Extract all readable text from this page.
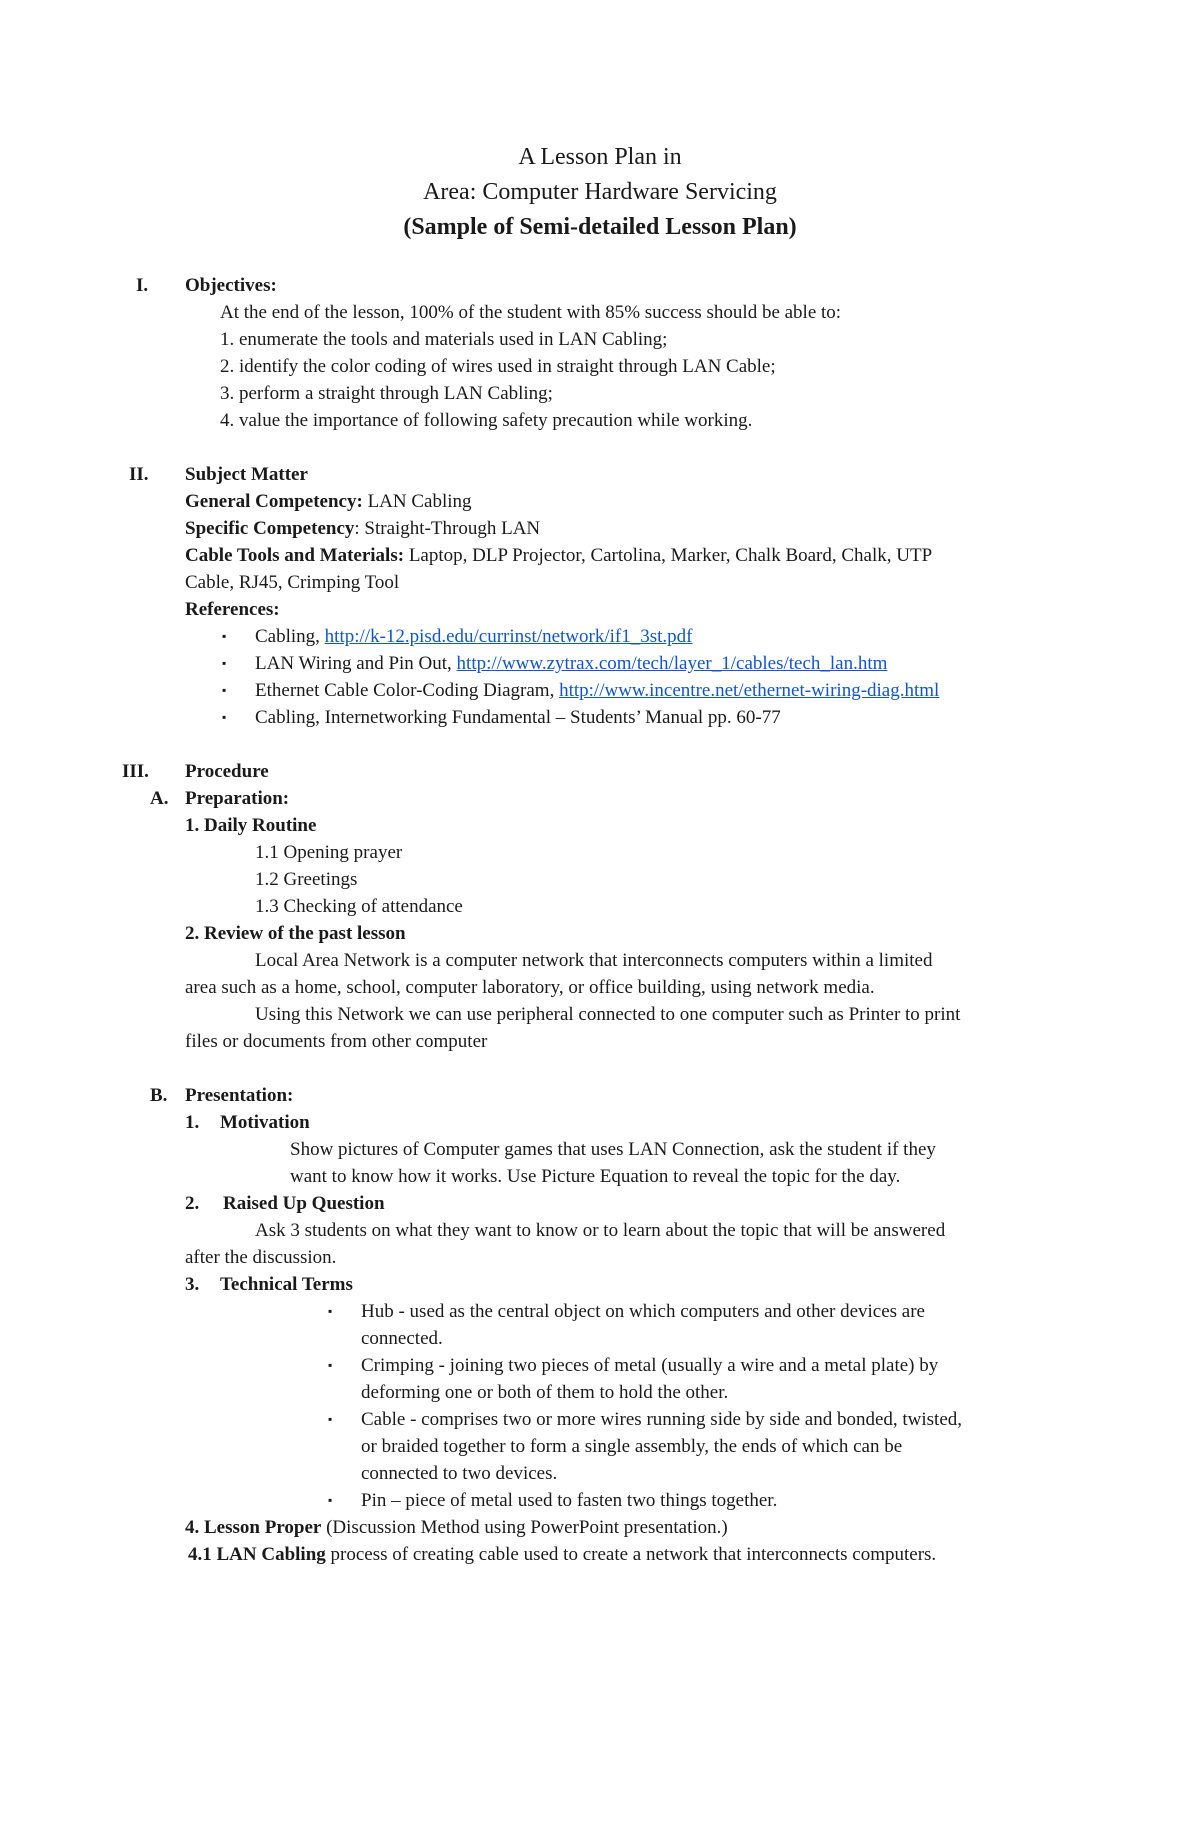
A Lesson Plan in
Area: Computer Hardware Servicing
(Sample of Semi-detailed Lesson Plan)
I. Objectives:
At the end of the lesson, 100% of the student with 85% success should be able to:
1. enumerate the tools and materials used in LAN Cabling;
2. identify the color coding of wires used in straight through LAN Cable;
3. perform a straight through LAN Cabling;
4. value the importance of following safety precaution while working.
II. Subject Matter
General Competency: LAN Cabling
Specific Competency: Straight-Through LAN
Cable Tools and Materials: Laptop, DLP Projector, Cartolina, Marker, Chalk Board, Chalk, UTP
Cable, RJ45, Crimping Tool
References:
▪ Cabling, http://k-12.pisd.edu/currinst/network/if1_3st.pdf
▪ LAN Wiring and Pin Out, http://www.zytrax.com/tech/layer_1/cables/tech_lan.htm
▪ Ethernet Cable Color-Coding Diagram, http://www.incentre.net/ethernet-wiring-diag.html
▪ Cabling, Internetworking Fundamental – Students’ Manual pp. 60-77
III. Procedure
A. Preparation:
1. Daily Routine
1.1 Opening prayer
1.2 Greetings
1.3 Checking of attendance
2. Review of the past lesson
Local Area Network is a computer network that interconnects computers within a limited
area such as a home, school, computer laboratory, or office building, using network media.
Using this Network we can use peripheral connected to one computer such as Printer to print
files or documents from other computer
B. Presentation:
1. Motivation
Show pictures of Computer games that uses LAN Connection, ask the student if they
want to know how it works. Use Picture Equation to reveal the topic for the day.
2. Raised Up Question
Ask 3 students on what they want to know or to learn about the topic that will be answered
after the discussion.
3. Technical Terms
▪ Hub - used as the central object on which computers and other devices are
connected.
▪ Crimping - joining two pieces of metal (usually a wire and a metal plate) by
deforming one or both of them to hold the other.
▪ Cable - comprises two or more wires running side by side and bonded, twisted,
or braided together to form a single assembly, the ends of which can be
connected to two devices.
▪ Pin – piece of metal used to fasten two things together.
4. Lesson Proper (Discussion Method using PowerPoint presentation.)
4.1 LAN Cabling process of creating cable used to create a network that interconnects computers.
